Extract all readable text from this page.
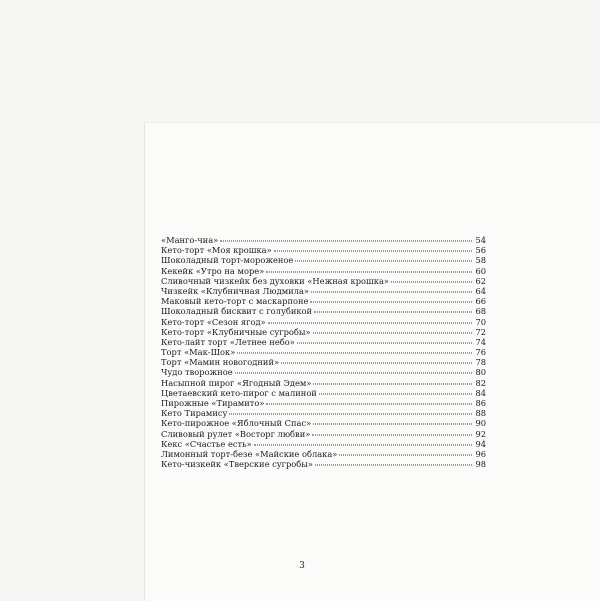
«Манго-чиа»	54
Кето-торт «Моя крошка»	56
Шоколадный торт-мороженое	58
Кекейк «Утро на море»	60
Сливочный чизкейк без духовки «Нежная крошка»	62
Чизкейк «Клубничная Людмила»	64
Маковый кето-торт с маскарпоне	66
Шоколадный бисквит с голубикой	68
Кето-торт «Сезон ягод»	70
Кето-торт «Клубничные сугробы»	72
Кето-лайт торт «Летнее небо»	74
Торт «Мак-Шок»	76
Торт «Мамин новогодний»	78
Чудо творожное	80
Насыпной пирог «Ягодный Эдем»	82
Цветаевский кето-пирог с малиной	84
Пирожные «Тирамито»	86
Кето Тирамису	88
Кето-пирожное «Яблочный Спас»	90
Сливовый рулет «Восторг любви»	92
Кекс «Счастье есть»	94
Лимонный торт-безе «Майские облака»	96
Кето-чизкейк «Тверские сугробы»	98
3
